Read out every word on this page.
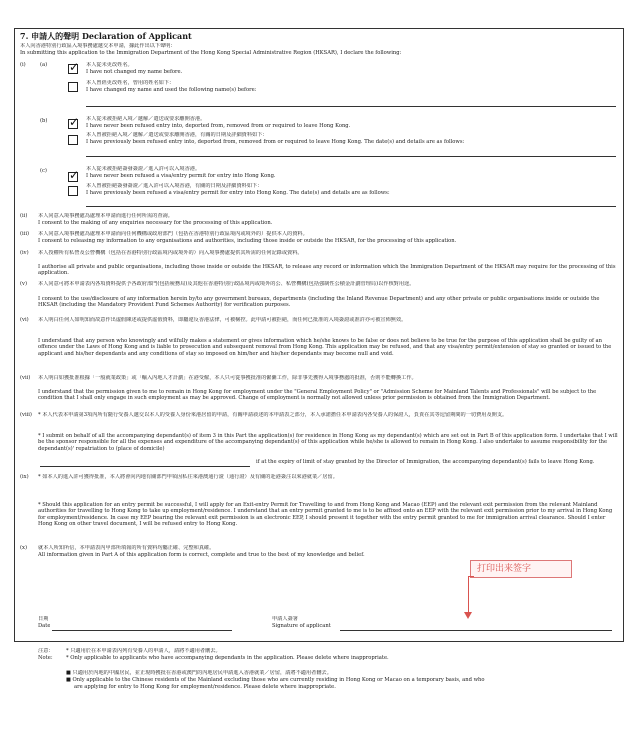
7. 申請人的聲明 Declaration of Applicant
本人向香港特別行政區入境事務處遞交本申請，據此作出以下聲明：
In submitting this application to the Immigration Department of the Hong Kong Special Administrative Region (HKSAR), I declare the following:
(i)	(a) ✓	本人從未更改姓名。
I have not changed my name before.
本人曾經更改姓名，曾用的姓名如下：
I have changed my name and used the following name(s) before:
(b) ✓	本人從未被拒絕入境／遞解／遣送或要求離開香港。
I have never been refused entry into, deported from, removed from or required to leave Hong Kong.
本人曾被拒絕入境／遞解／遣送或要求離開香港，有關的日期及詳細資料如下：
I have previously been refused entry into, deported from, removed from or required to leave Hong Kong. The date(s) and details are as follows:
(c)
✓	本人從未被拒絕簽發簽證／進入許可以入境香港。
I have never been refused a visa/entry permit for entry into Hong Kong.
本人曾被拒絕簽發簽證／進入許可以入境香港，有關的日期及詳細資料如下：
I have previously been refused a visa/entry permit for entry into Hong Kong. The date(s) and details are as follows:
(ii) 本人同意入境事務處為處理本申請而進行任何所需的查詢。
I consent to the making of any enquiries necessary for the processing of this application.
(iii) 本人同意入境事務處為處理本申請而向任何機構或政府部門（包括在香港特別行政區境內或境外的）提供本人的資料。
I consent to releasing my information to any organisations and authorities, including those inside or outside the HKSAR, for the processing of this application.
(iv) 本人授權所有私營及公營機構（包括在香港特別行政區境內或境外的）向入境事務處提供其所需的任何記錄或資料。
I authorise all private and public organisations, including those inside or outside the HKSAR, to release any record or information which the Immigration Department of the HKSAR may require for the processing of this application.
(v) 本人同意可將本申請表內各項資料提供予各政府部門(包括稅務局)及其他在香港特別行政區境內或境外的公、私營機構(包括強制性公積金計劃管理局)以作核對用途。
I consent to the use/disclosure of any information herein by/to any government bureaux, departments (including the Inland Revenue Department) and any other private or public organisations inside or outside the HKSAR (including the Mandatory Provident Fund Schemes Authority) for verification purposes.
(vi) 本人明白任何人如明知而故意作出虛假陳述或提供虛假資料，即屬違反香港法律，可被檢控。此申請可被拒絕，而任何已批准的入境簽證或准許亦可被宣佈無效。
I understand that any person who knowingly and wilfully makes a statement or gives information which he/she knows to be false or does not believe to be true for the purpose of this application shall be guilty of an offence under the Laws of Hong Kong and is liable to prosecution and subsequent removal from Hong Kong. This application may be refused, and that any visa/entry permit/extension of stay so granted or issued to the applicant and his/her dependants and any conditions of stay so imposed on him/her and his/her dependants may become null and void.
(vii) 本人明白如獲批准根據「一般就業政策」或「輸入內地人才計劃」在港受僱，本人只可從事獲批准的僱傭工作，除非事先獲得入境事務處的批准，否則不能轉換工作。
I understand that the permission given to me to remain in Hong Kong for employment under the "General Employment Policy" or "Admission Scheme for Mainland Talents and Professionals" will be subject to the condition that I shall only engage in such employment as may be approved. Change of employment is normally not allowed unless prior permission is obtained from the Immigration Department.
(viii) * 本人代表本申請第3項內所有隨行受養人遞交以本人的受養人身份來港居留的申請，有關申請敍述的本申請表之部分，本人承諾擔任本申請表內各受養人的保證人，負責在其等逗留期間的一切費用及開支。
* I submit on behalf of all the accompanying dependant(s) of item 3 in this Part the application(s) for residence in Hong Kong as my dependant(s) which are set out in Part B of this application form. I undertake that I will be the sponsor responsible for all the expenses and expenditure of the accompanying dependant(s) of this application while he/she is allowed to remain in Hong Kong. I also undertake to assume responsibility for the dependant(s)' repatriation to (place of domicile)
if at the expiry of limit of stay granted by the Director of Immigration, the accompanying dependant(s) fails to leave Hong Kong.
(ix) * 如本人的進入許可獲得批准，本人將會向內地有關部門申領因私往來港澳通行證（通行證）及有關的赴港簽注以來港就業／居留。
* Should this application for an entry permit be successful, I will apply for an Exit-entry Permit for Travelling to and from Hong Kong and Macao (EEP) and the relevant exit permission from the relevant Mainland authorities for travelling to Hong Kong to take up employment/residence. I understand that an entry permit granted to me is to be affixed onto an EEP with the relevant exit permission prior to my arrival in Hong Kong for employment/residence. In case my EEP bearing the relevant exit permission is an electronic EEP, I should present it together with the entry permit granted to me for immigration arrival clearance. Should I enter Hong Kong on other travel document, I will be refused entry to Hong Kong.
(x) 就本人所知所信，本申請表內甲部所填報的所有資料均屬正確、完整和真確。
All information given in Part A of this application form is correct, complete and true to the best of my knowledge and belief.
打印出来签字
日期
Date
申請人簽署
Signature of applicant
注意：
Note:
* 只適用於在本申請表內列有受養人的申請人，請將不適用者刪去。
* Only applicable to applicants who have accompanying dependants in the application. Please delete where inappropriate.
■ 只適用於內地的中國居民，並正現時獲批在香港或澳門的內地居民申請進入香港就業／居留，請將不適用者刪去。
■ Only applicable to the Chinese residents of the Mainland excluding those who are currently residing in Hong Kong or Macao on a temporary basis, and who
are applying for entry to Hong Kong for employment/residence. Please delete where inappropriate.
